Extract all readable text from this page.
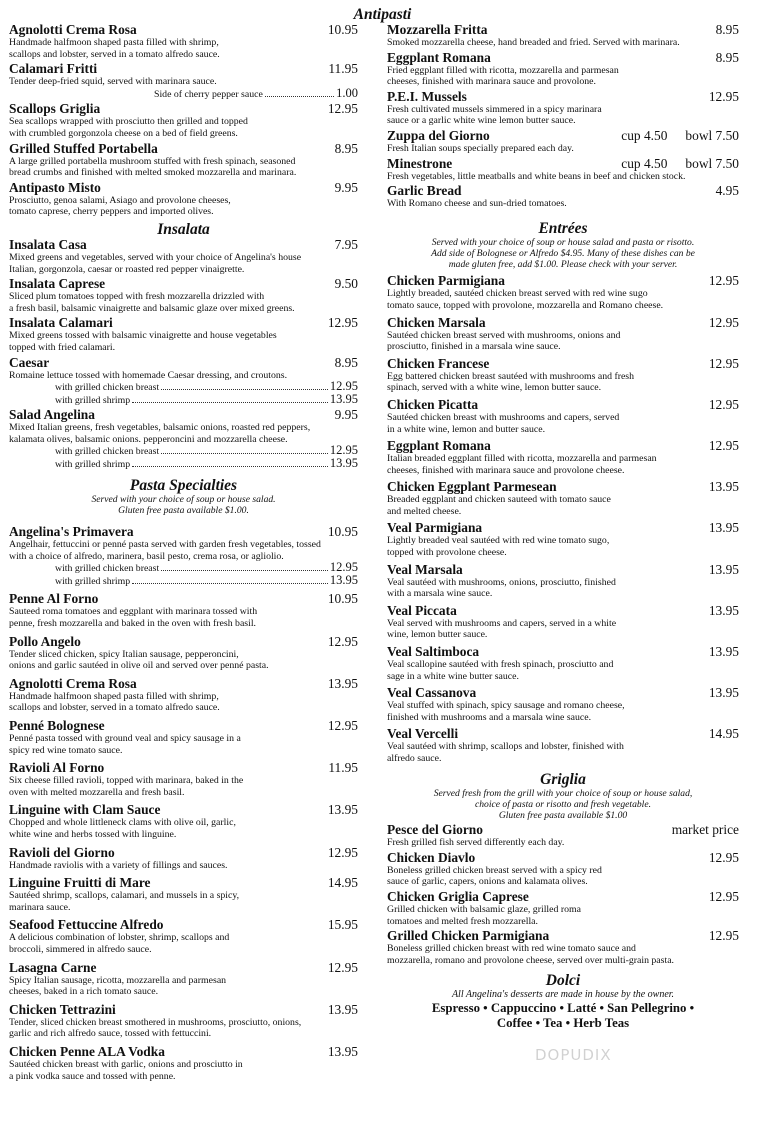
Antipasti
Agnolotti Crema Rosa	10.95
Handmade halfmoon shaped pasta filled with shrimp,
scallops and lobster, served in a tomato alfredo sauce.
Calamari Fritti	11.95
Tender deep-fried squid, served with marinara sauce.
Side of cherry pepper sauce	1.00
Scallops Griglia	12.95
Sea scallops wrapped with prosciutto then grilled and topped
with crumbled gorgonzola cheese on a bed of field greens.
Grilled Stuffed Portabella	8.95
A large grilled portabella mushroom stuffed with fresh spinach, seasoned
bread crumbs and finished with melted smoked mozzarella and marinara.
Antipasto Misto	9.95
Prosciutto, genoa salami, Asiago and provolone cheeses,
tomato caprese, cherry peppers and imported olives.
Insalata
Insalata Casa	7.95
Mixed greens and vegetables, served with your choice of Angelina's house
Italian, gorgonzola, caesar or roasted red pepper vinaigrette.
Insalata Caprese	9.50
Sliced plum tomatoes topped with fresh mozzarella drizzled with
a fresh basil, balsamic vinaigrette and balsamic glaze over mixed greens.
Insalata Calamari	12.95
Mixed greens tossed with balsamic vinaigrette and house vegetables
topped with fried calamari.
Caesar	8.95
Romaine lettuce tossed with homemade Caesar dressing, and croutons.
with grilled chicken breast	12.95
with grilled shrimp	13.95
Salad Angelina	9.95
Mixed Italian greens, fresh vegetables, balsamic onions, roasted red peppers,
kalamata olives, balsamic onions. pepperoncini and mozzarella cheese.
with grilled chicken breast	12.95
with grilled shrimp	13.95
Pasta Specialties

Served with your choice of soup or house salad.

Gluten free pasta available $1.00.

Angelina's Primavera	10.95
Angelhair, fettuccini or penné pasta served with garden fresh vegetables, tossed
with a choice of alfredo, marinera, basil pesto, crema rosa, or agliolio.
with grilled chicken breast	12.95
with grilled shrimp	13.95
Penne Al Forno	10.95
Sauteed roma tomatoes and eggplant with marinara tossed with
penne, fresh mozzarella and baked in the oven with fresh basil.
Pollo Angelo	12.95
Tender sliced chicken, spicy Italian sausage, pepperoncini,
onions and garlic sautéed in olive oil and served over penné pasta.
Agnolotti Crema Rosa	13.95
Handmade halfmoon shaped pasta filled with shrimp,
scallops and lobster, served in a tomato alfredo sauce.
Penné Bolognese	12.95
Penné pasta tossed with ground veal and spicy sausage in a
spicy red wine tomato sauce.
Ravioli Al Forno	11.95
Six cheese filled ravioli, topped with marinara, baked in the
oven with melted mozzarella and fresh basil.
Linguine with Clam Sauce	13.95
Chopped and whole littleneck clams with olive oil, garlic,
white wine and herbs tossed with linguine.
Ravioli del Giorno	12.95
Handmade raviolis with a variety of fillings and sauces.
Linguine Fruitti di Mare	14.95
Sautéed shrimp, scallops, calamari, and mussels in a spicy,
marinara sauce.
Seafood Fettuccine Alfredo	15.95
A delicious combination of lobster, shrimp, scallops and
broccoli, simmered in alfredo sauce.
Lasagna Carne	12.95
Spicy Italian sausage, ricotta, mozzarella and parmesan
cheeses, baked in a rich tomato sauce.
Chicken Tettrazini	13.95
Tender, sliced chicken breast smothered in mushrooms, prosciutto, onions,
garlic and rich alfredo sauce, tossed with fettuccini.
Chicken Penne ALA Vodka	13.95
Sautéed chicken breast with garlic, onions and prosciutto in
a pink vodka sauce and tossed with penne.
Mozzarella Fritta	8.95
Smoked mozzarella cheese, hand breaded and fried. Served with marinara.
Eggplant Romana	8.95
Fried eggplant filled with ricotta, mozzarella and parmesan
cheeses, finished with marinara sauce and provolone.
P.E.I. Mussels	12.95
Fresh cultivated mussels simmered in a spicy marinara
sauce or a garlic white wine lemon butter sauce.
Zuppa del Giorno	cup 4.50 bowl 7.50
Fresh Italian soups specially prepared each day.
Minestrone	cup 4.50 bowl 7.50
Fresh vegetables, little meatballs and white beans in beef and chicken stock.
Garlic Bread	4.95
With Romano cheese and sun-dried tomatoes.
Entrées

Served with your choice of soup or house salad and pasta or risotto.

Add side of Bolognese or Alfredo $4.95. Many of these dishes can be

made gluten free, add $1.00. Please check with your server.

Chicken Parmigiana	12.95
Lightly breaded, sautéed chicken breast served with red wine sugo
tomato sauce, topped with provolone, mozzarella and Romano cheese.
Chicken Marsala	12.95
Sautéed chicken breast served with mushrooms, onions and
prosciutto, finished in a marsala wine sauce.
Chicken Francese	12.95
Egg battered chicken breast sautéed with mushrooms and fresh
spinach, served with a white wine, lemon butter sauce.
Chicken Picatta	12.95
Sautéed chicken breast with mushrooms and capers, served
in a white wine, lemon and butter sauce.
Eggplant Romana	12.95
Italian breaded eggplant filled with ricotta, mozzarella and parmesan
cheeses, finished with marinara sauce and provolone cheese.
Chicken Eggplant Parmesean	13.95
Breaded eggplant and chicken sauteed with tomato sauce
and melted cheese.
Veal Parmigiana	13.95
Lightly breaded veal sautéed with red wine tomato sugo,
topped with provolone cheese.
Veal Marsala	13.95
Veal sautéed with mushrooms, onions, prosciutto, finished
with a marsala wine sauce.
Veal Piccata	13.95
Veal served with mushrooms and capers, served in a white
wine, lemon butter sauce.
Veal Saltimboca	13.95
Veal scallopine sautéed with fresh spinach, prosciutto and
sage in a white wine butter sauce.
Veal Cassanova	13.95
Veal stuffed with spinach, spicy sausage and romano cheese,
finished with mushrooms and a marsala wine sauce.
Veal Vercelli	14.95
Veal sautéed with shrimp, scallops and lobster, finished with
alfredo sauce.
Griglia

Served fresh from the grill with your choice of soup or house salad,

choice of pasta or risotto and fresh vegetable.

Gluten free pasta available $1.00

Pesce del Giorno	market price
Fresh grilled fish served differently each day.
Chicken Diavlo	12.95
Boneless grilled chicken breast served with a spicy red
sauce of garlic, capers, onions and kalamata olives.
Chicken Griglia Caprese	12.95
Grilled chicken with balsamic glaze, grilled roma
tomatoes and melted fresh mozzarella.
Grilled Chicken Parmigiana	12.95
Boneless grilled chicken breast with red wine tomato sauce and
mozzarella, romano and provolone cheese, served over multi-grain pasta.
Dolci
All Angelina's desserts are made in house by the owner.
Espresso • Cappuccino • Latté • San Pellegrino •
Coffee • Tea • Herb Teas
DOPUDIX
